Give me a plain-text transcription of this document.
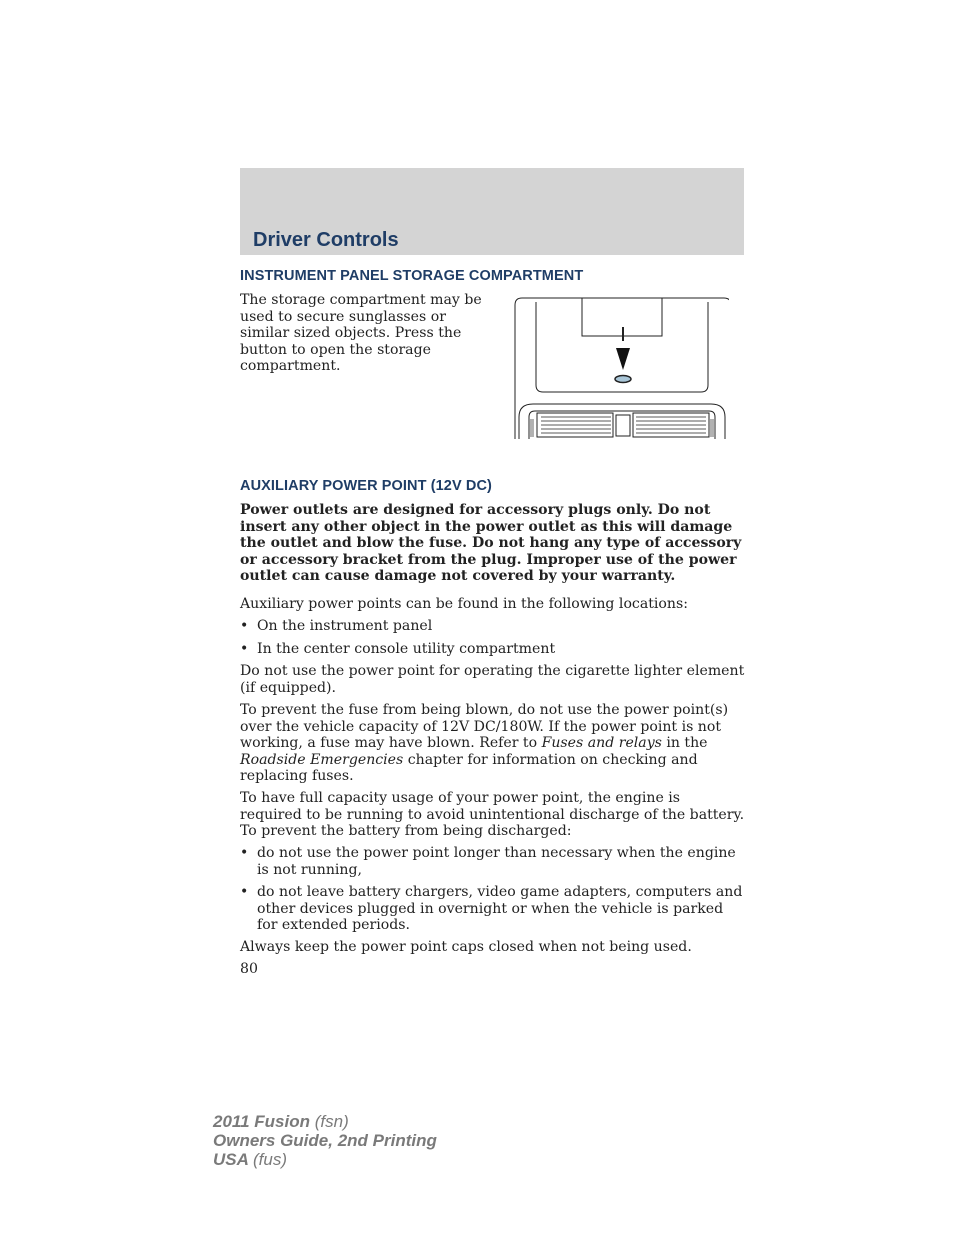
Driver Controls
INSTRUMENT PANEL STORAGE COMPARTMENT
The storage compartment may be used to secure sunglasses or similar sized objects. Press the button to open the storage compartment.
AUXILIARY POWER POINT (12V DC)
Power outlets are designed for accessory plugs only. Do not insert any other object in the power outlet as this will damage the outlet and blow the fuse. Do not hang any type of accessory or accessory bracket from the plug. Improper use of the power outlet can cause damage not covered by your warranty.
Auxiliary power points can be found in the following locations:
• On the instrument panel
• In the center console utility compartment
Do not use the power point for operating the cigarette lighter element (if equipped).
To prevent the fuse from being blown, do not use the power point(s) over the vehicle capacity of 12V DC/180W. If the power point is not working, a fuse may have blown. Refer to Fuses and relays in the Roadside Emergencies chapter for information on checking and replacing fuses.
To have full capacity usage of your power point, the engine is required to be running to avoid unintentional discharge of the battery. To prevent the battery from being discharged:
• do not use the power point longer than necessary when the engine is not running,
• do not leave battery chargers, video game adapters, computers and other devices plugged in overnight or when the vehicle is parked for extended periods.
Always keep the power point caps closed when not being used.
80
2011 Fusion (fsn)
Owners Guide, 2nd Printing
USA (fus)
